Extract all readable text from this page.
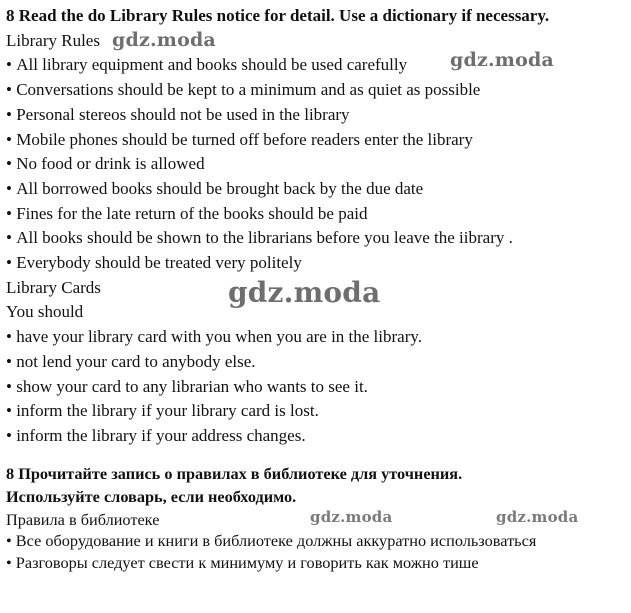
8 Read the do Library Rules notice for detail. Use a dictionary if necessary.
Library Rules
• All library equipment and books should be used carefully
• Conversations should be kept to a minimum and as quiet as possible
• Personal stereos should not be used in the library
• Mobile phones should be turned off before readers enter the library
• No food or drink is allowed
• All borrowed books should be brought back by the due date
• Fines for the late return of the books should be paid
• All books should be shown to the librarians before you leave the iibrary .
• Everybody should be treated very politely
Library Cards
You should
• have your library card with you when you are in the library.
• not lend your card to anybody else.
• show your card to any librarian who wants to see it.
• inform the library if your library card is lost.
• inform the library if your address changes.
8 Прочитайте запись о правилах в библиотеке для уточнения.
Используйте словарь, если необходимо.
Правила в библиотеке
• Все оборудование и книги в библиотеке должны аккуратно использоваться
• Разговоры следует свести к минимуму и говорить как можно тише
gdz.moda
gdz.moda
gdz.moda
gdz.moda	gdz.moda
